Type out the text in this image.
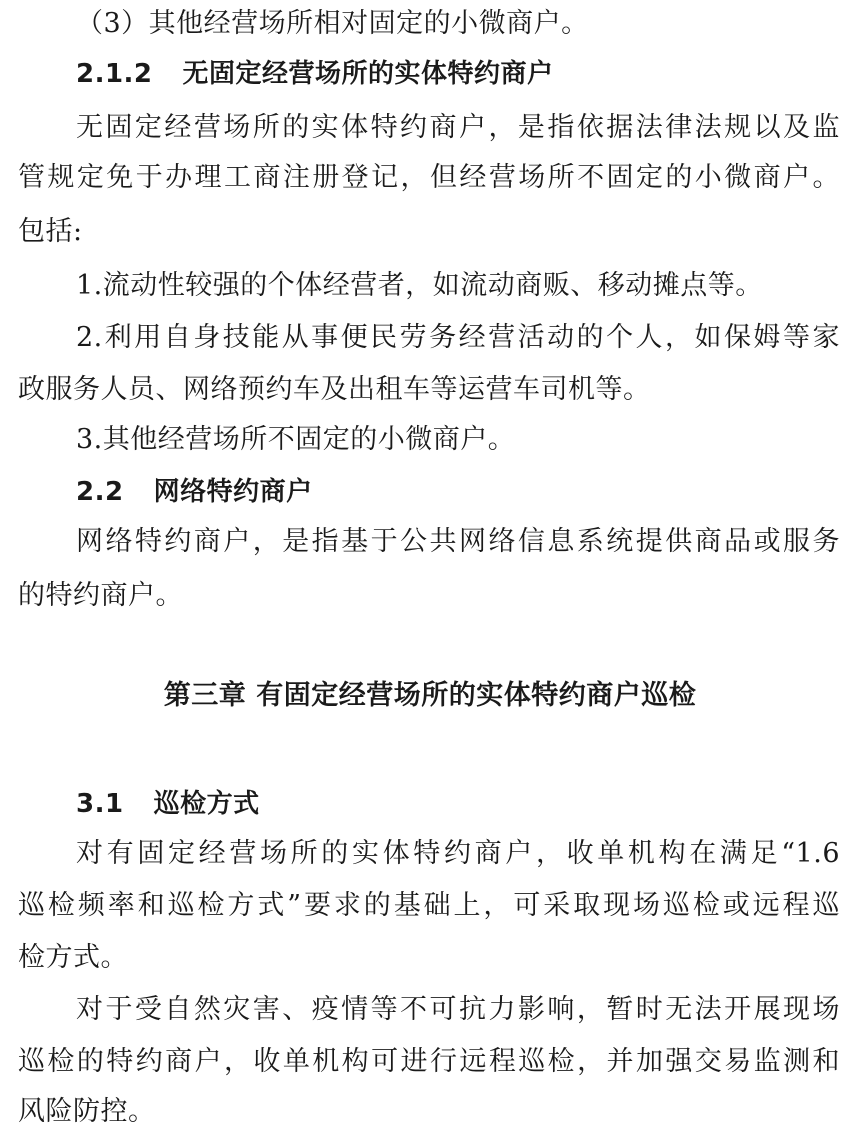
（3）其他经营场所相对固定的小微商户。
2.1.2 无固定经营场所的实体特约商户
无固定经营场所的实体特约商户，是指依据法律法规以及监
管规定免于办理工商注册登记，但经营场所不固定的小微商户。
包括:
1.流动性较强的个体经营者，如流动商贩、移动摊点等。
2.利用自身技能从事便民劳务经营活动的个人，如保姆等家
政服务人员、网络预约车及出租车等运营车司机等。
3.其他经营场所不固定的小微商户。
2.2 网络特约商户
网络特约商户，是指基于公共网络信息系统提供商品或服务
的特约商户。
第三章 有固定经营场所的实体特约商户巡检
3.1 巡检方式
对有固定经营场所的实体特约商户，收单机构在满足“1.6
巡检频率和巡检方式”要求的基础上，可采取现场巡检或远程巡
检方式。
对于受自然灾害、疫情等不可抗力影响，暂时无法开展现场
巡检的特约商户，收单机构可进行远程巡检，并加强交易监测和
风险防控。
